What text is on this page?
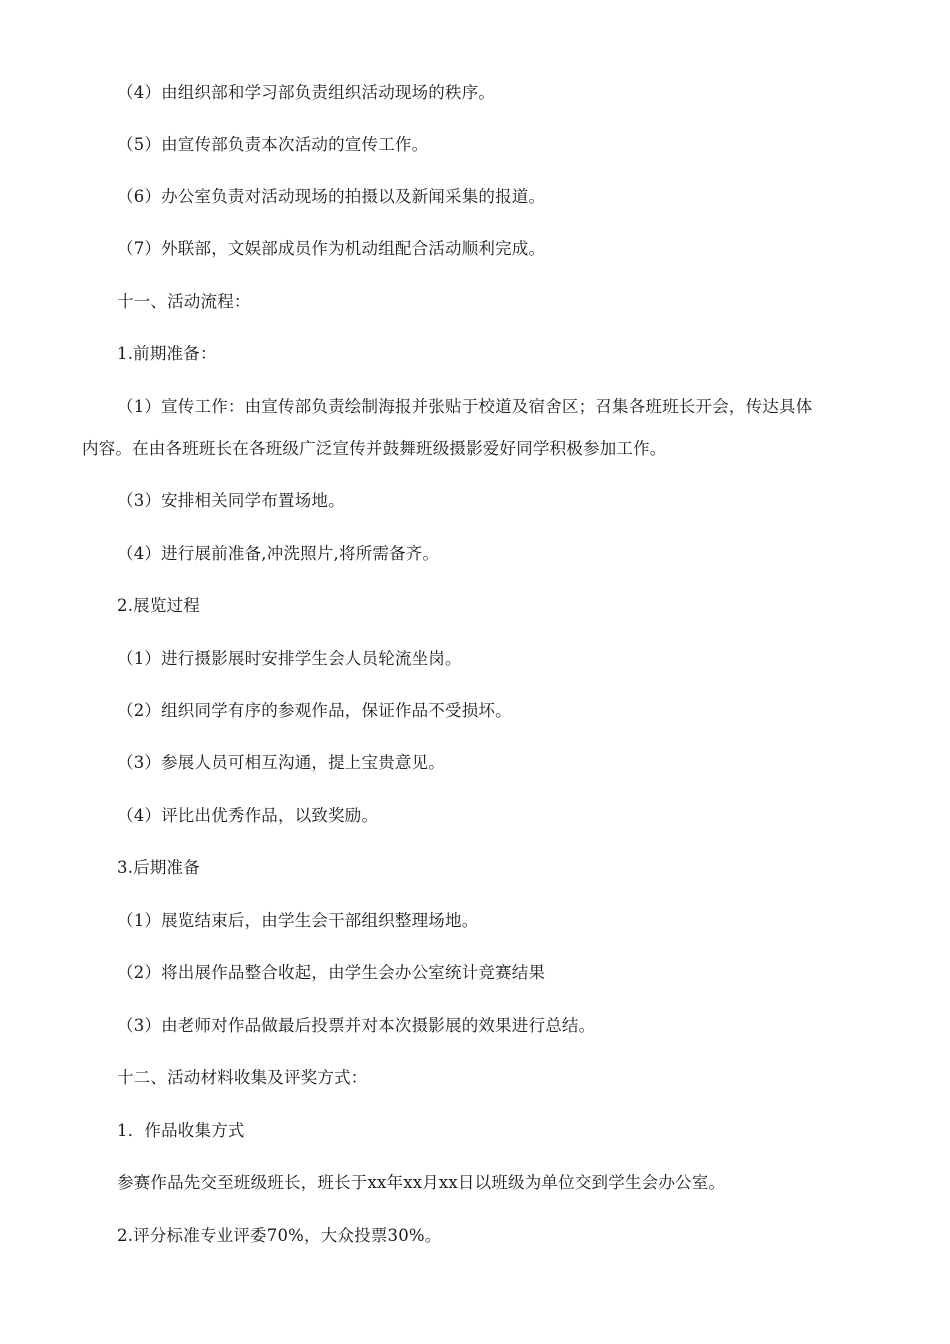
（4）由组织部和学习部负责组织活动现场的秩序。
（5）由宣传部负责本次活动的宣传工作。
（6）办公室负责对活动现场的拍摄以及新闻采集的报道。
（7）外联部，文娱部成员作为机动组配合活动顺利完成。
十一、活动流程：
1.前期准备：
（1）宣传工作：由宣传部负责绘制海报并张贴于校道及宿舍区；召集各班班长开会，传达具体
内容。在由各班班长在各班级广泛宣传并鼓舞班级摄影爱好同学积极参加工作。
（3）安排相关同学布置场地。
（4）进行展前准备,冲洗照片,将所需备齐。
2.展览过程
（1）进行摄影展时安排学生会人员轮流坐岗。
（2）组织同学有序的参观作品，保证作品不受损坏。
（3）参展人员可相互沟通，提上宝贵意见。
（4）评比出优秀作品，以致奖励。
3.后期准备
（1）展览结束后，由学生会干部组织整理场地。
（2）将出展作品整合收起，由学生会办公室统计竞赛结果
（3）由老师对作品做最后投票并对本次摄影展的效果进行总结。
十二、活动材料收集及评奖方式：
1．作品收集方式
参赛作品先交至班级班长，班长于xx年xx月xx日以班级为单位交到学生会办公室。
2.评分标准专业评委70%，大众投票30%。
